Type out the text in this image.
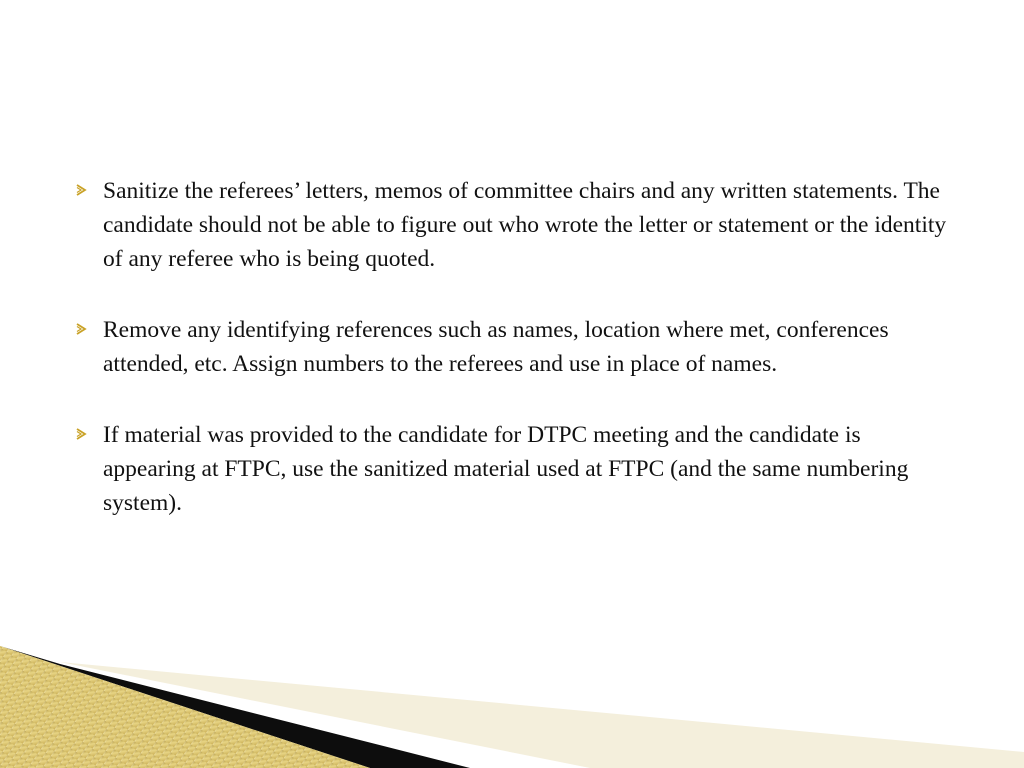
Sanitize the referees’ letters, memos of committee chairs and any written statements. The candidate should not be able to figure out who wrote the letter or statement or the identity of any referee who is being quoted.
Remove any identifying references such as names, location where met, conferences attended, etc. Assign numbers to the referees and use in place of names.
If material was provided to the candidate for DTPC meeting and the candidate is appearing at FTPC, use the sanitized material used at FTPC (and the same numbering system).
